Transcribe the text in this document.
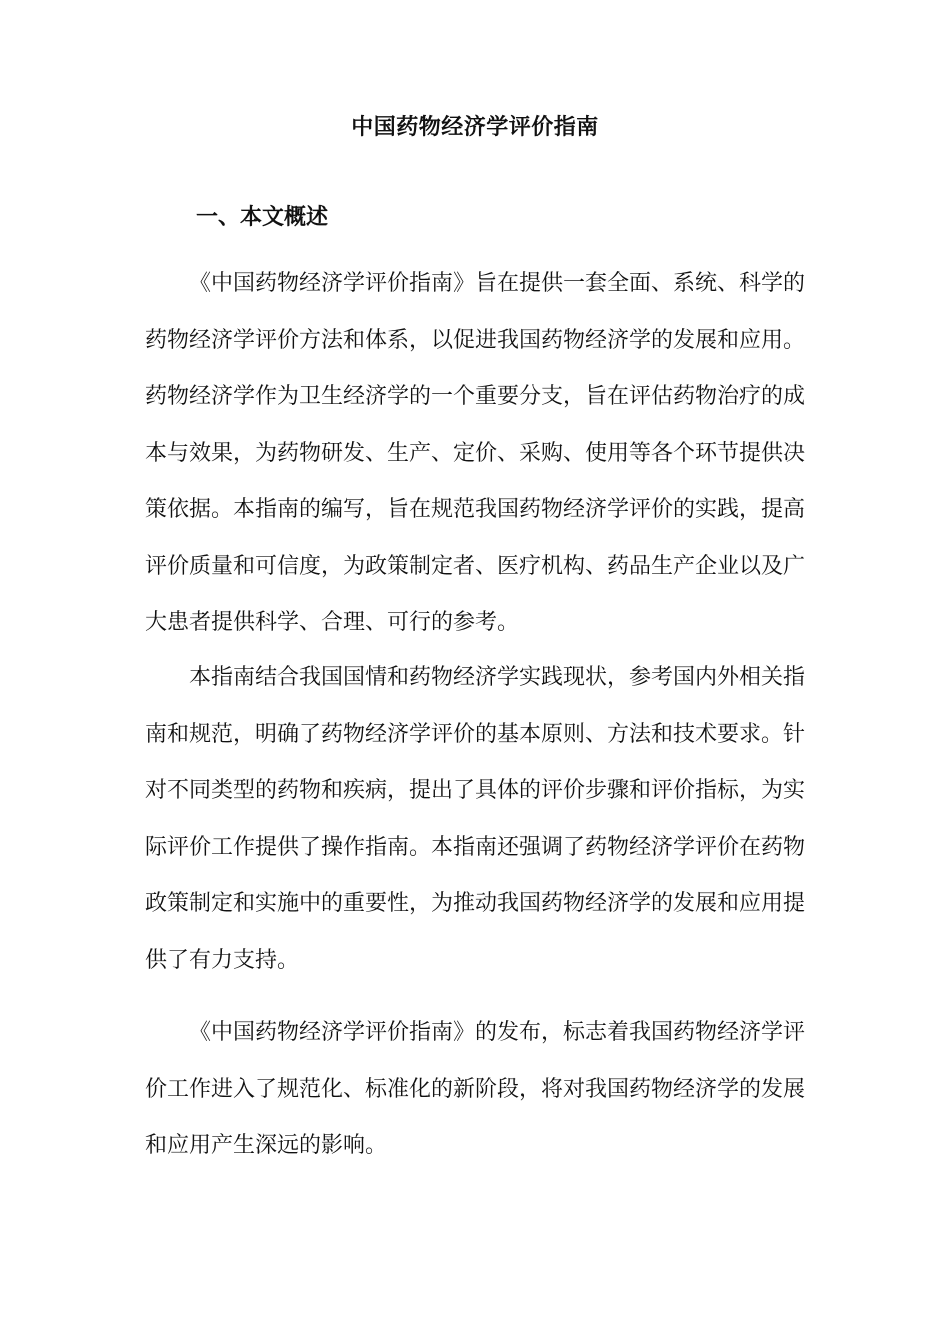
中国药物经济学评价指南
一、本文概述

《中国药物经济学评价指南》旨在提供一套全面、系统、科学的药物经济学评价方法和体系，以促进我国药物经济学的发展和应用。药物经济学作为卫生经济学的一个重要分支，旨在评估药物治疗的成本与效果，为药物研发、生产、定价、采购、使用等各个环节提供决策依据。本指南的编写，旨在规范我国药物经济学评价的实践，提高评价质量和可信度，为政策制定者、医疗机构、药品生产企业以及广大患者提供科学、合理、可行的参考。

本指南结合我国国情和药物经济学实践现状，参考国内外相关指南和规范，明确了药物经济学评价的基本原则、方法和技术要求。针对不同类型的药物和疾病，提出了具体的评价步骤和评价指标，为实际评价工作提供了操作指南。本指南还强调了药物经济学评价在药物政策制定和实施中的重要性，为推动我国药物经济学的发展和应用提供了有力支持。

《中国药物经济学评价指南》的发布，标志着我国药物经济学评价工作进入了规范化、标准化的新阶段，将对我国药物经济学的发展和应用产生深远的影响。
